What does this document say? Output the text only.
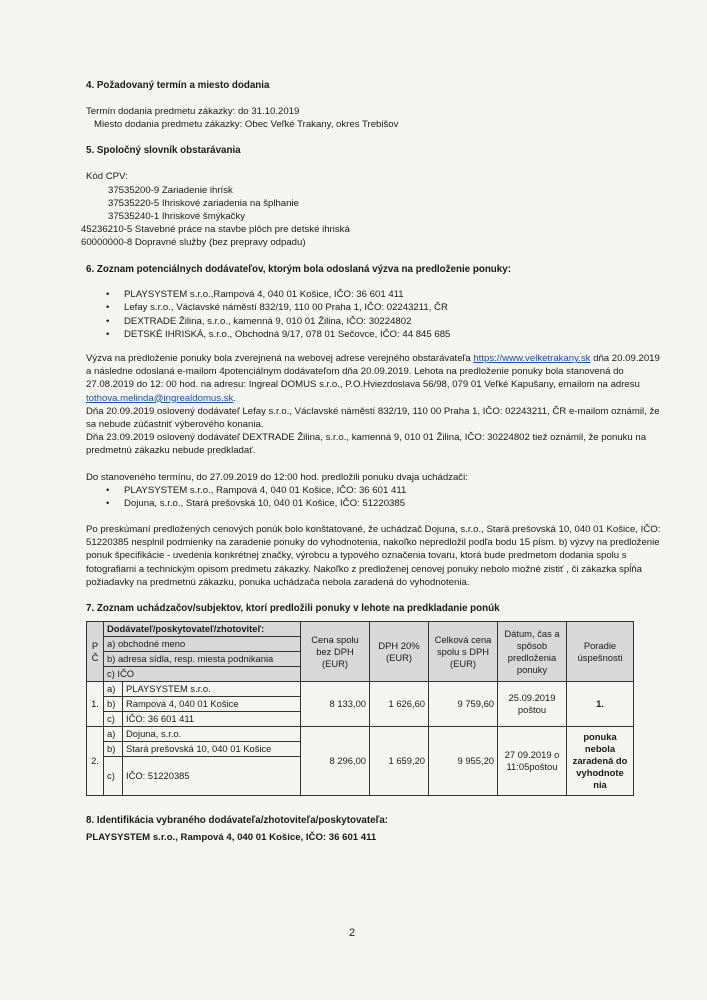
4. Požadovaný termín a miesto dodania

Termín dodania predmetu zákazky: do 31.10.2019

Miesto dodania predmetu zákazky: Obec Veľké Trakany, okres Trebišov

5. Spoločný slovník obstarávania

Kód CPV:

37535200-9 Zariadenie ihrísk

37535220-5 Ihriskové zariadenia na šplhanie

37535240-1 Ihriskové šmýkačky

45236210-5 Stavebné práce na stavbe plôch pre detské ihriská

60000000-8 Dopravné služby (bez prepravy odpadu)

6. Zoznam potenciálnych dodávateľov, ktorým bola odoslaná výzva na predloženie ponuky:
• PLAYSYSTEM s.r.o.,Rampová 4, 040 01 Košice, IČO: 36 601 411
• Lefay s.r.o., Václavské náměstí 832/19, 110 00 Praha 1, IČO: 02243211, ČR
• DEXTRADE Žilina, s.r.o., kamenná 9, 010 01 Žilina, IČO: 30224802
• DETSKÉ IHRISKÁ, s.r.o., Obchodná 9/17, 078 01 Sečovce, IČO: 44 845 685

Výzva na predloženie ponuky bola zverejnená na webovej adrese verejného obstarávateľa https://www.velketrakany.sk dňa 20.09.2019 a následne odoslaná e-mailom 4potenciálnym dodávateľom dňa 20.09.2019. Lehota na predloženie ponuky bola stanovená do 27.08.2019 do 12: 00 hod. na adresu: Ingreal DOMUS s.r.o., P.O.Hviezdoslava 56/98, 079 01 Veľké Kapušany, emailom na adresu tothova.melinda@ingrealdomus.sk.

Dňa 20.09.2019 oslovený dodávateľ Lefay s.r.o., Václavské náměstí 832/19, 110 00 Praha 1, IČO: 02243211, ČR e-mailom oznámil, že sa nebude zúčastniť výberového konania.

Dňa 23.09.2019 oslovený dodávateľ DEXTRADE Žilina, s.r.o., kamenná 9, 010 01 Žilina, IČO: 30224802 tiež oznámil, že ponuku na predmetnú zákazku nebude predkladať.

Do stanoveného termínu, do 27.09.2019 do 12:00 hod. predložili ponuku dvaja uchádzači:

• PLAYSYSTEM s.r.o., Rampová 4, 040 01 Košice, IČO: 36 601 411
• Dojuna, s.r.o., Stará prešovská 10, 040 01 Košice, IČO: 51220385

Po preskúmaní predložených cenových ponúk bolo konštatované, že uchádzač Dojuna, s.r.o., Stará prešovská 10, 040 01 Košice, IČO: 51220385 nesplnil podmienky na zaradenie ponuky do vyhodnotenia, nakoľko nepredložil podľa bodu 15 písm. b) výzvy na predloženie ponuk špecifikácie - uvedenia konkrétnej značky, výrobcu a typového označenia tovaru, ktorá bude predmetom dodania spolu s fotografiami a technickým opisom predmetu zákazky. Nakoľko z predloženej cenovej ponuky nebolo možné zistiť , či zákazka spĺňa požiadavky na predmetnú zákazku, ponuka uchádzača nebola zaradená do vyhodnotenia.

7. Zoznam uchádzačov/subjektov, ktorí predložili ponuky v lehote na predkladanie ponúk
P Č	Dodávateľ/poskytovateľ/zhotoviteľ:		Cena spolu bez DPH (EUR)	DPH 20% (EUR)	Celková cena spolu s DPH (EUR)	Dátum, čas a spôsob predloženia ponuky	Poradie úspešnosti
	a) obchodné meno						
	b) adresa sídla, resp. miesta podnikania						
	c) IČO						
1.	a)	PLAYSYSTEM s.r.o.	8 133,00	1 626,60	9 759,60	25.09.2019 poštou	1.
	b)	Rampová 4, 040 01 Košice					
	c)	IČO: 36 601 411					
2.	a)	Dojuna, s.r.o.	8 296,00	1 659,20	9 955,20	27 09.2019 o 11:05poštou	ponuka nebola zaradená do vyhodnote nia
	b)	Stará prešovská 10, 040 01 Košice					
	c)	IČO: 51220385					
8. Identifikácia vybraného dodávateľa/zhotoviteľa/poskytovateľa:

PLAYSYSTEM s.r.o., Rampová 4, 040 01 Košice, IČO: 36 601 411

2
